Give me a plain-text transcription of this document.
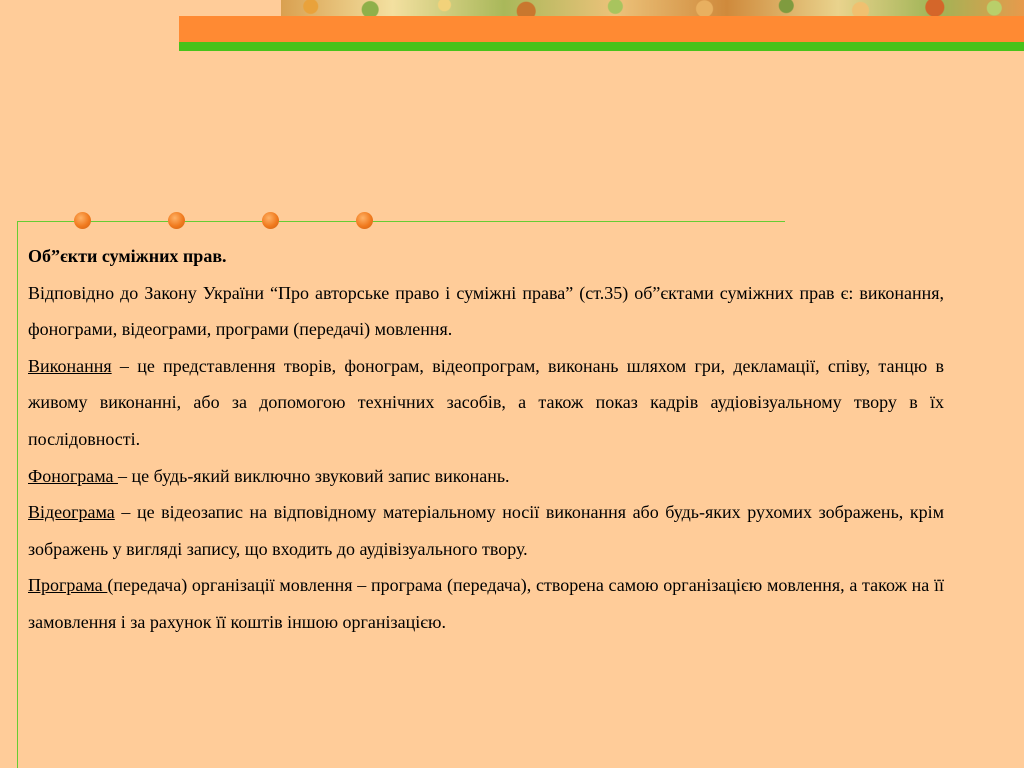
Об”єкти суміжних прав.

Відповідно до Закону України “Про авторське право і суміжні права” (ст.35) об”єктами суміжних прав є: виконання, фонограми, відеограми, програми (передачі) мовлення.

Виконання – це представлення творів, фонограм, відеопрограм, виконань шляхом гри, декламації, співу, танцю в живому виконанні, або за допомогою технічних засобів, а також показ кадрів аудіовізуальному твору в їх послідовності.

Фонограма – це будь-який виключно звуковий запис виконань.

Відеограма – це відеозапис на відповідному матеріальному носії виконання або будь-яких рухомих зображень, крім зображень у вигляді запису, що входить до аудівізуального твору.

Програма (передача) організації мовлення – програма (передача), створена самою організацією мовлення, а також на її замовлення і за рахунок її коштів іншою організацією.
